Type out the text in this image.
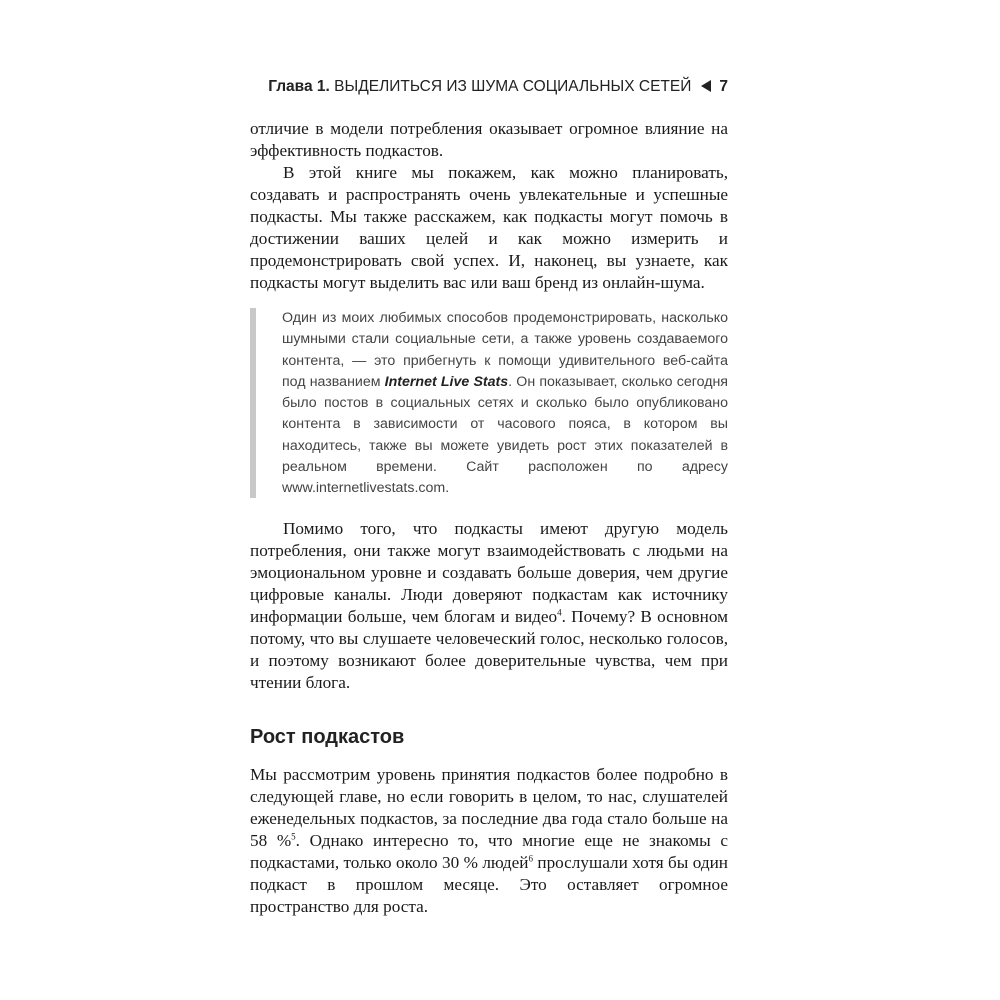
Глава 1. ВЫДЕЛИТЬСЯ ИЗ ШУМА СОЦИАЛЬНЫХ СЕТЕЙ 7

отличие в модели потребления оказывает огромное влияние на эффективность подкастов.

В этой книге мы покажем, как можно планировать, создавать и распространять очень увлекательные и успешные подкасты. Мы также расскажем, как подкасты могут помочь в достижении ваших целей и как можно измерить и продемонстрировать свой успех. И, наконец, вы узнаете, как подкасты могут выделить вас или ваш бренд из онлайн-шума.

Один из моих любимых способов продемонстрировать, насколько шумными стали социальные сети, а также уровень создаваемого контента, — это прибегнуть к помощи удивительного веб-сайта под названием Internet Live Stats. Он показывает, сколько сегодня было постов в социальных сетях и сколько было опубликовано контента в зависимости от часового пояса, в котором вы находитесь, также вы можете увидеть рост этих показателей в реальном времени. Сайт расположен по адресу www.internetlivestats.com.

Помимо того, что подкасты имеют другую модель потребления, они также могут взаимодействовать с людьми на эмоциональном уровне и создавать больше доверия, чем другие цифровые каналы. Люди доверяют подкастам как источнику информации больше, чем блогам и видео$^4$. Почему? В основном потому, что вы слушаете человеческий голос, несколько голосов, и поэтому возникают более доверительные чувства, чем при чтении блога.

Рост подкастов

Мы рассмотрим уровень принятия подкастов более подробно в следующей главе, но если говорить в целом, то нас, слушателей еженедельных подкастов, за последние два года стало больше на 58 %$^5$. Однако интересно то, что многие еще не знакомы с подкастами, только около 30 % людей$^6$ прослушали хотя бы один подкаст в прошлом месяце. Это оставляет огромное пространство для роста.
